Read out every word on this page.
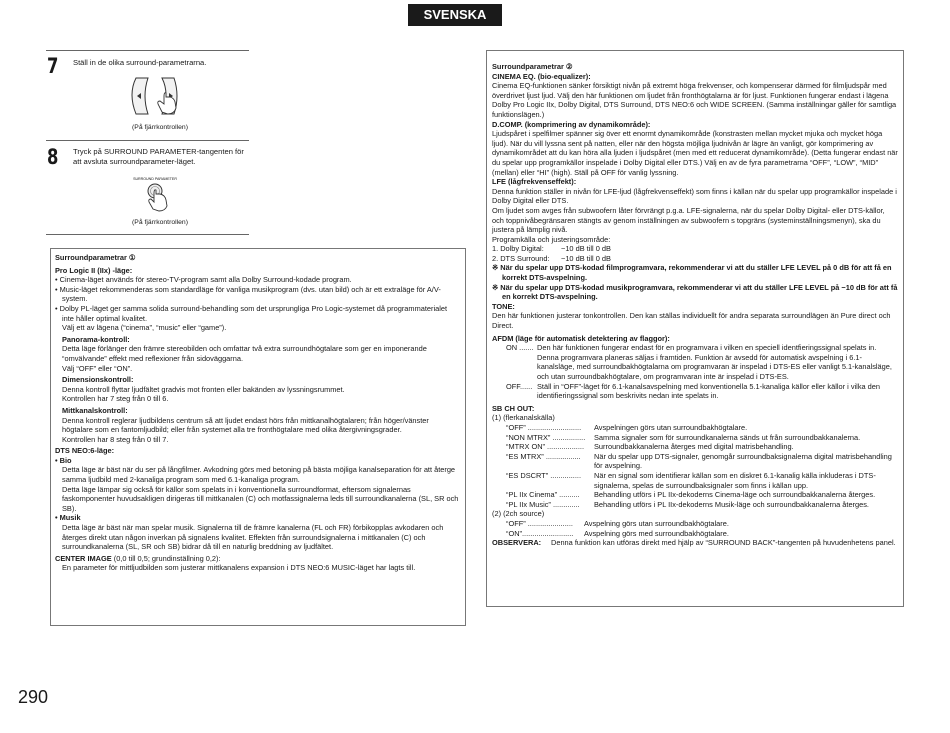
SVENSKA
7 Ställ in de olika surround-parametrarna.
(På fjärrkontrollen)
8 Tryck på SURROUND PARAMETER-tangenten för att avsluta surroundparameter-läget.
SURROUND PARAMETER
(På fjärrkontrollen)

Surroundparametrar ①

Pro Logic II (IIx) -läge:

• Cinema-läget används för stereo-TV-program samt alla Dolby Surround-kodade program.

• Music-läget rekommenderas som standardläge för vanliga musikprogram (dvs. utan bild) och är ett extraläge för A/V-system.

• Dolby PL-läget ger samma solida surround-behandling som det ursprungliga Pro Logic-systemet då programmaterialet inte håller optimal kvalitet.

Välj ett av lägena (“cinema”, “music” eller “game”).

Panorama-kontroll:

Detta läge förlänger den främre stereobilden och omfattar två extra surroundhögtalare som ger en imponerande “omvälvande” effekt med reflexioner från sidoväggarna.

Välj “OFF” eller “ON”.

Dimensionskontroll:

Denna kontroll flyttar ljudfältet gradvis mot fronten eller bakänden av lyssningsrummet.

Kontrollen har 7 steg från 0 till 6.

Mittkanalskontroll:

Denna kontroll reglerar ljudbildens centrum så att ljudet endast hörs från mittkanalhögtalaren; från höger/vänster högtalare som en fantomljudbild; eller från systemet alla tre fronthögtalare med olika återgivningsgrader.

Kontrollen har 8 steg från 0 till 7.

DTS NEO:6-läge:

• Bio

Detta läge är bäst när du ser på långfilmer. Avkodning görs med betoning på bästa möjliga kanalseparation för att återge samma ljudbild med 2-kanaliga program som med 6.1-kanaliga program.

Detta läge lämpar sig också för källor som spelats in i konventionella surroundformat, eftersom signalernas faskomponenter huvudsakligen dirigeras till mittkanalen (C) och motfassignalerna leds till surroundkanalerna (SL, SR och SB).

• Musik

Detta läge är bäst när man spelar musik. Signalerna till de främre kanalerna (FL och FR) förbikopplas avkodaren och återges direkt utan någon inverkan på signalens kvalitet. Effekten från surroundsignalerna i mittkanalen (C) och surroundkanalerna (SL, SR och SB) bidrar då till en naturlig breddning av ljudfältet.

CENTER IMAGE (0,0 till 0,5; grundinställning 0,2):

En parameter för mittljudbilden som justerar mittkanalens expansion i DTS NEO:6 MUSIC-läget har lagts till.

Surroundparametrar ②

CINEMA EQ. (bio-equalizer):

Cinema EQ-funktionen sänker försiktigt nivån på extremt höga frekvenser, och kompenserar därmed för filmljudspår med överdrivet ljust ljud. Välj den här funktionen om ljudet från fronthögtalarna är för ljust. Funktionen fungerar endast i lägena Dolby Pro Logic IIx, Dolby Digital, DTS Surround, DTS NEO:6 och WIDE SCREEN. (Samma inställningar gäller för samtliga funktionslägen.)

D.COMP. (komprimering av dynamikområde):

Ljudspåret i spelfilmer spänner sig över ett enormt dynamikområde (konstrasten mellan mycket mjuka och mycket höga ljud). När du vill lyssna sent på natten, eller när den högsta möjliga ljudnivån är lägre än vanligt, gör komprimering av dynamikområdet att du kan höra alla ljuden i ljudspåret (men med ett reducerat dynamikområde). (Detta fungerar endast när du spelar upp programkällor inspelade i Dolby Digital eller DTS.) Välj en av de fyra parametrarna “OFF”, “LOW”, “MID” (mellan) eller “HI” (high). Ställ på OFF för vanlig lyssning.

LFE (lågfrekvenseffekt):

Denna funktion ställer in nivån för LFE-ljud (lågfrekvenseffekt) som finns i källan när du spelar upp programkällor inspelade i Dolby Digital eller DTS.

Om ljudet som avges från subwoofern låter förvrängt p.g.a. LFE-signalerna, när du spelar Dolby Digital- eller DTS-källor, och toppnivåbegränsaren stängts av genom inställningen av subwoofern s topgräns (systeminställningsmenyn), ska du justera på lämplig nivå.

Programkälla och justeringsområde:

1. Dolby Digital:	−10 dB till 0 dB
2. DTS Surround:	−10 dB till 0 dB

※ När du spelar upp DTS-kodad filmprogramvara, rekommenderar vi att du ställer LFE LEVEL på 0 dB för att få en korrekt DTS-avspelning.

※ När du spelar upp DTS-kodad musikprogramvara, rekommenderar vi att du ställer LFE LEVEL på −10 dB för att få en korrekt DTS-avspelning.

TONE:

Den här funktionen justerar tonkontrollen. Den kan ställas individuellt för andra separata surroundlägen än Pure direct och Direct.

AFDM (läge för automatisk detektering av flaggor):

ON ....... Den här funktionen fungerar endast för en programvara i vilken en speciell identfieringssignal spelats in. Denna programvara planeras säljas i framtiden. Funktion är avsedd för automatisk avspelning i 6.1-kanalsläge, med surroundbakhögtalarna om programvaran är inspelad i DTS-ES eller vanligt 5.1-kanalsläge, och utan surroundbakhögtalare, om programvaran inte är inspelad i DTS-ES.
OFF...... Ställ in “OFF”-läget för 6.1-kanalsavspelning med konventionella 5.1-kanaliga källor eller källor i vilka den identifieringssignal som beskrivits nedan inte spelats in.

SB CH OUT:

(1) (flerkanalskälla)

“OFF” ..........................	Avspelningen görs utan surroundbakhögtalare.
“NON MTRX” ................	Samma signaler som för surroundkanalerna sänds ut från surroundbakkanalerna.
“MTRX ON” ..................	Surroundbakkanalerna återges med digital matrisbehandling.
“ES MTRX” .................	När du spelar upp DTS-signaler, genomgår surroundbaksignalerna digital matrisbehandling för avspelning.
“ES DSCRT” ...............	När en signal som identifierar källan som en diskret 6.1-kanalig källa inkluderas i DTS-signalerna, spelas de surroundbaksignaler som finns i källan upp.
“PL IIx Cinema” ..........	Behandling utförs i PL IIx-dekoderns Cinema-läge och surroundbakkanalerna återges.
“PL IIx Music” .............	Behandling utförs i PL IIx-dekoderns Musik-läge och surroundbakkanalerna återges.

(2) (2ch source)

“OFF” ......................	Avspelning görs utan surroundbakhögtalare.
“ON”.........................	Avspelning görs med surroundbakhögtalare.
OBSERVERA:	Denna funktion kan utföras direkt med hjälp av “SURROUND BACK”-tangenten på huvudenhetens panel.
290
